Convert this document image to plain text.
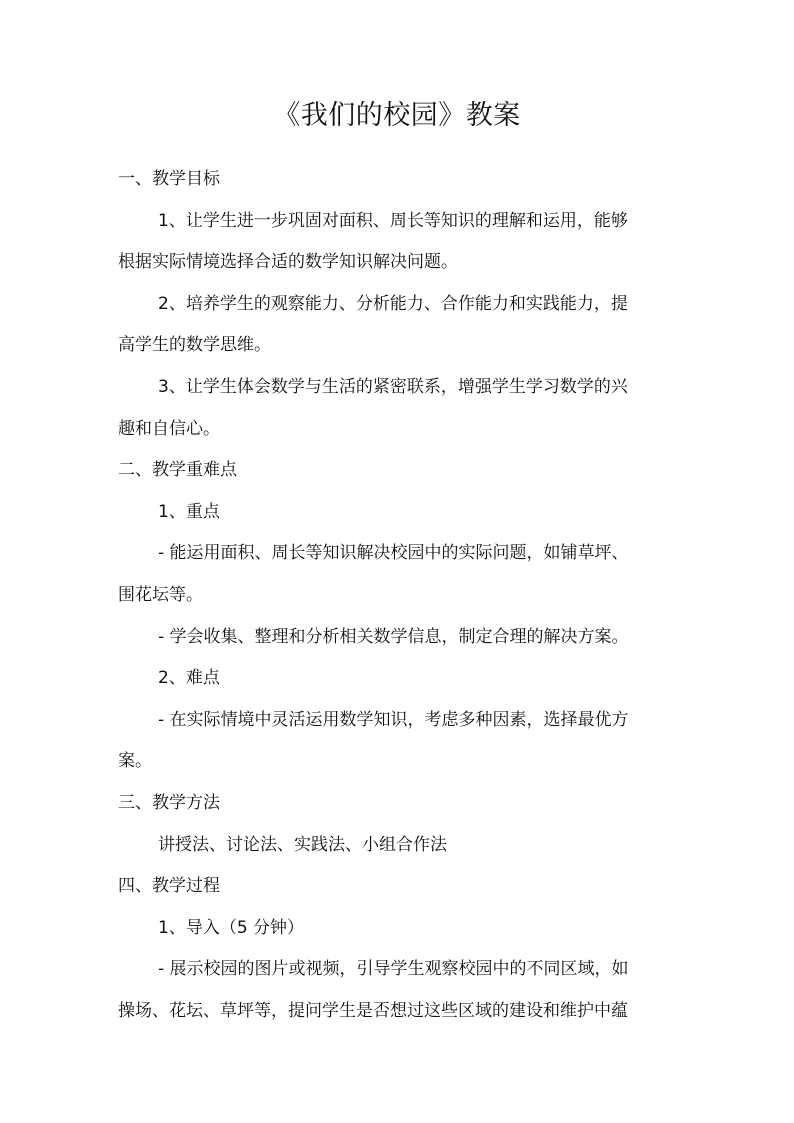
《我们的校园》教案
一、教学目标
1、让学生进一步巩固对面积、周长等知识的理解和运用，能够
根据实际情境选择合适的数学知识解决问题。
2、培养学生的观察能力、分析能力、合作能力和实践能力，提
高学生的数学思维。
3、让学生体会数学与生活的紧密联系，增强学生学习数学的兴
趣和自信心。
二、教学重难点
1、重点
- 能运用面积、周长等知识解决校园中的实际问题，如铺草坪、
围花坛等。
- 学会收集、整理和分析相关数学信息，制定合理的解决方案。
2、难点
- 在实际情境中灵活运用数学知识，考虑多种因素，选择最优方
案。
三、教学方法
讲授法、讨论法、实践法、小组合作法
四、教学过程
1、导入（5 分钟）
- 展示校园的图片或视频，引导学生观察校园中的不同区域，如
操场、花坛、草坪等，提问学生是否想过这些区域的建设和维护中蕴
